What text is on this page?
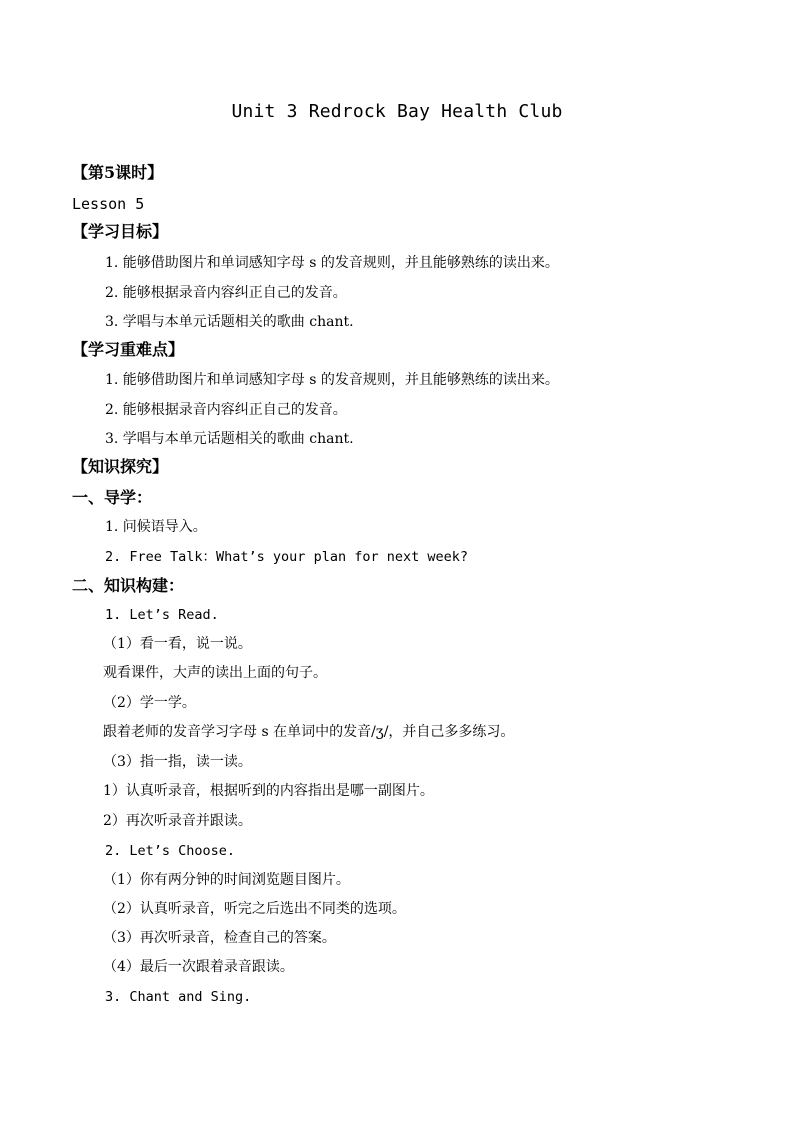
Unit 3 Redrock Bay Health Club
【第5课时】
Lesson 5
【学习目标】
1. 能够借助图片和单词感知字母 s 的发音规则，并且能够熟练的读出来。
2. 能够根据录音内容纠正自己的发音。
3. 学唱与本单元话题相关的歌曲 chant.
【学习重难点】
1. 能够借助图片和单词感知字母 s 的发音规则，并且能够熟练的读出来。
2. 能够根据录音内容纠正自己的发音。
3. 学唱与本单元话题相关的歌曲 chant.
【知识探究】
一、导学：
1. 问候语导入。
2. Free Talk：What’s your plan for next week?
二、知识构建：
1. Let’s Read.
（1）看一看，说一说。
观看课件，大声的读出上面的句子。
（2）学一学。
跟着老师的发音学习字母 s 在单词中的发音/ʒ/，并自己多多练习。
（3）指一指，读一读。
1）认真听录音，根据听到的内容指出是哪一副图片。
2）再次听录音并跟读。
2. Let’s Choose.
（1）你有两分钟的时间浏览题目图片。
（2）认真听录音，听完之后选出不同类的选项。
（3）再次听录音，检查自己的答案。
（4）最后一次跟着录音跟读。
3. Chant and Sing.
